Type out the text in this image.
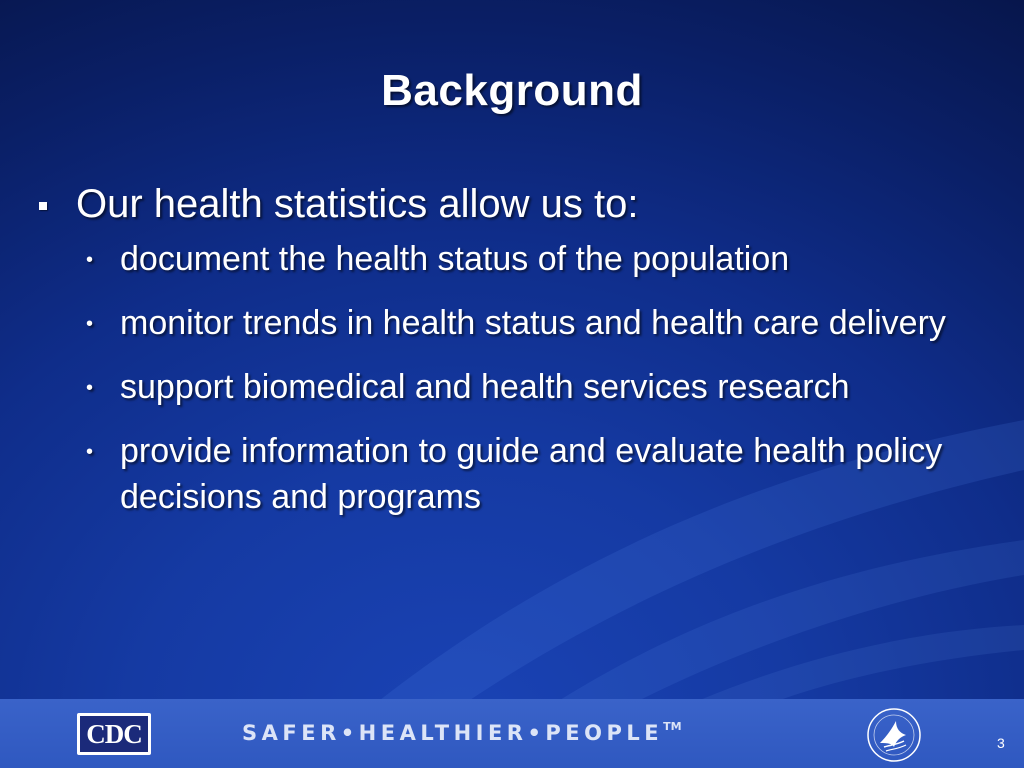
Background
Our health statistics allow us to:
• document the health status of the population
• monitor trends in health status and health care delivery
• support biomedical and health services research
• provide information to guide and evaluate health policy decisions and programs
CDC	SAFER•HEALTHIER•PEOPLE™
3
